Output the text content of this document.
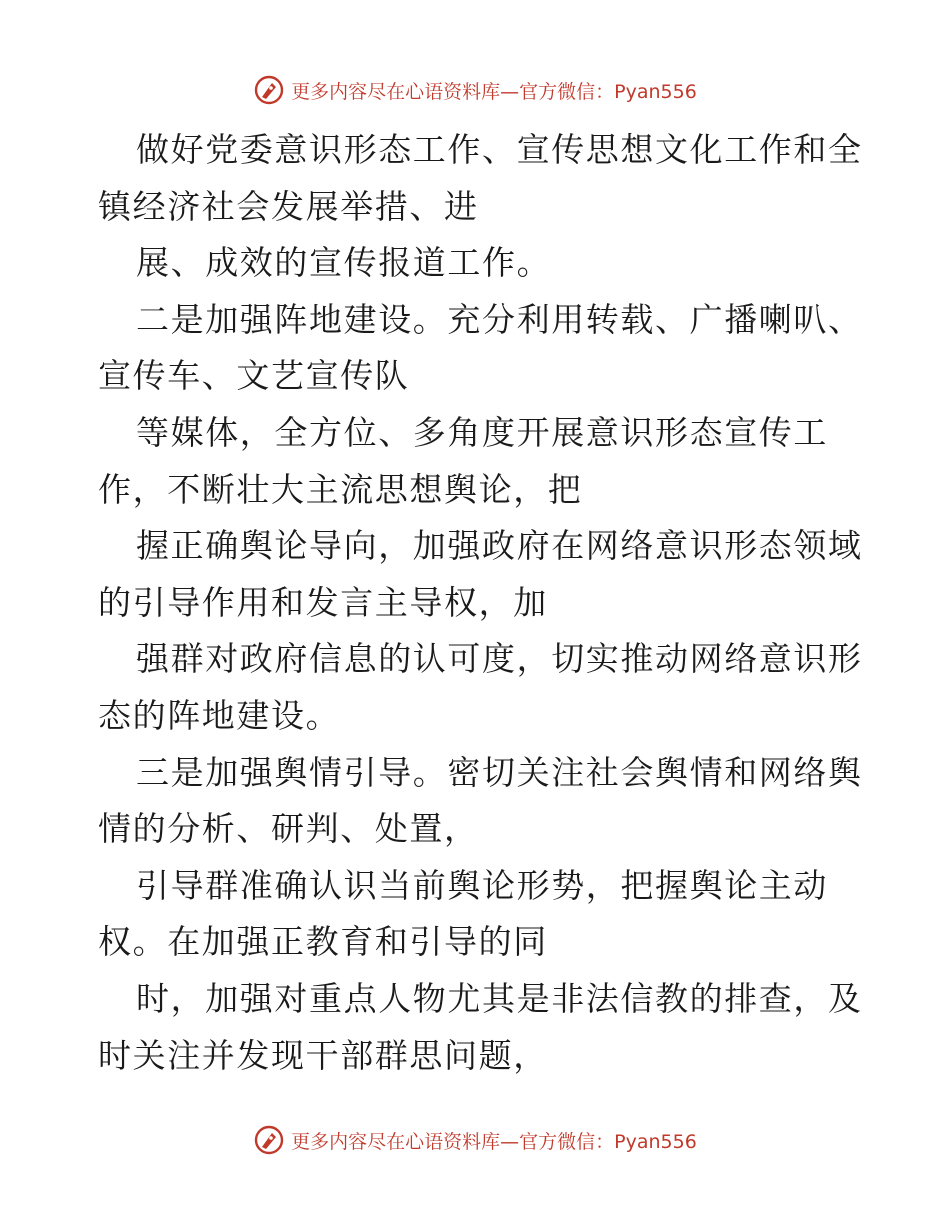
更多内容尽在心语资料库—官方微信：Pyan556
做好党委意识形态工作、宣传思想文化工作和全
镇经济社会发展举措、进
展、成效的宣传报道工作。
二是加强阵地建设。充分利用转载、广播喇叭、
宣传车、文艺宣传队
等媒体，全方位、多角度开展意识形态宣传工
作，不断壮大主流思想舆论，把
握正确舆论导向，加强政府在网络意识形态领域
的引导作用和发言主导权，加
强群对政府信息的认可度，切实推动网络意识形
态的阵地建设。
三是加强舆情引导。密切关注社会舆情和网络舆
情的分析、研判、处置，
引导群准确认识当前舆论形势，把握舆论主动
权。在加强正教育和引导的同
时，加强对重点人物尤其是非法信教的排查，及
时关注并发现干部群思问题，
更多内容尽在心语资料库—官方微信：Pyan556
